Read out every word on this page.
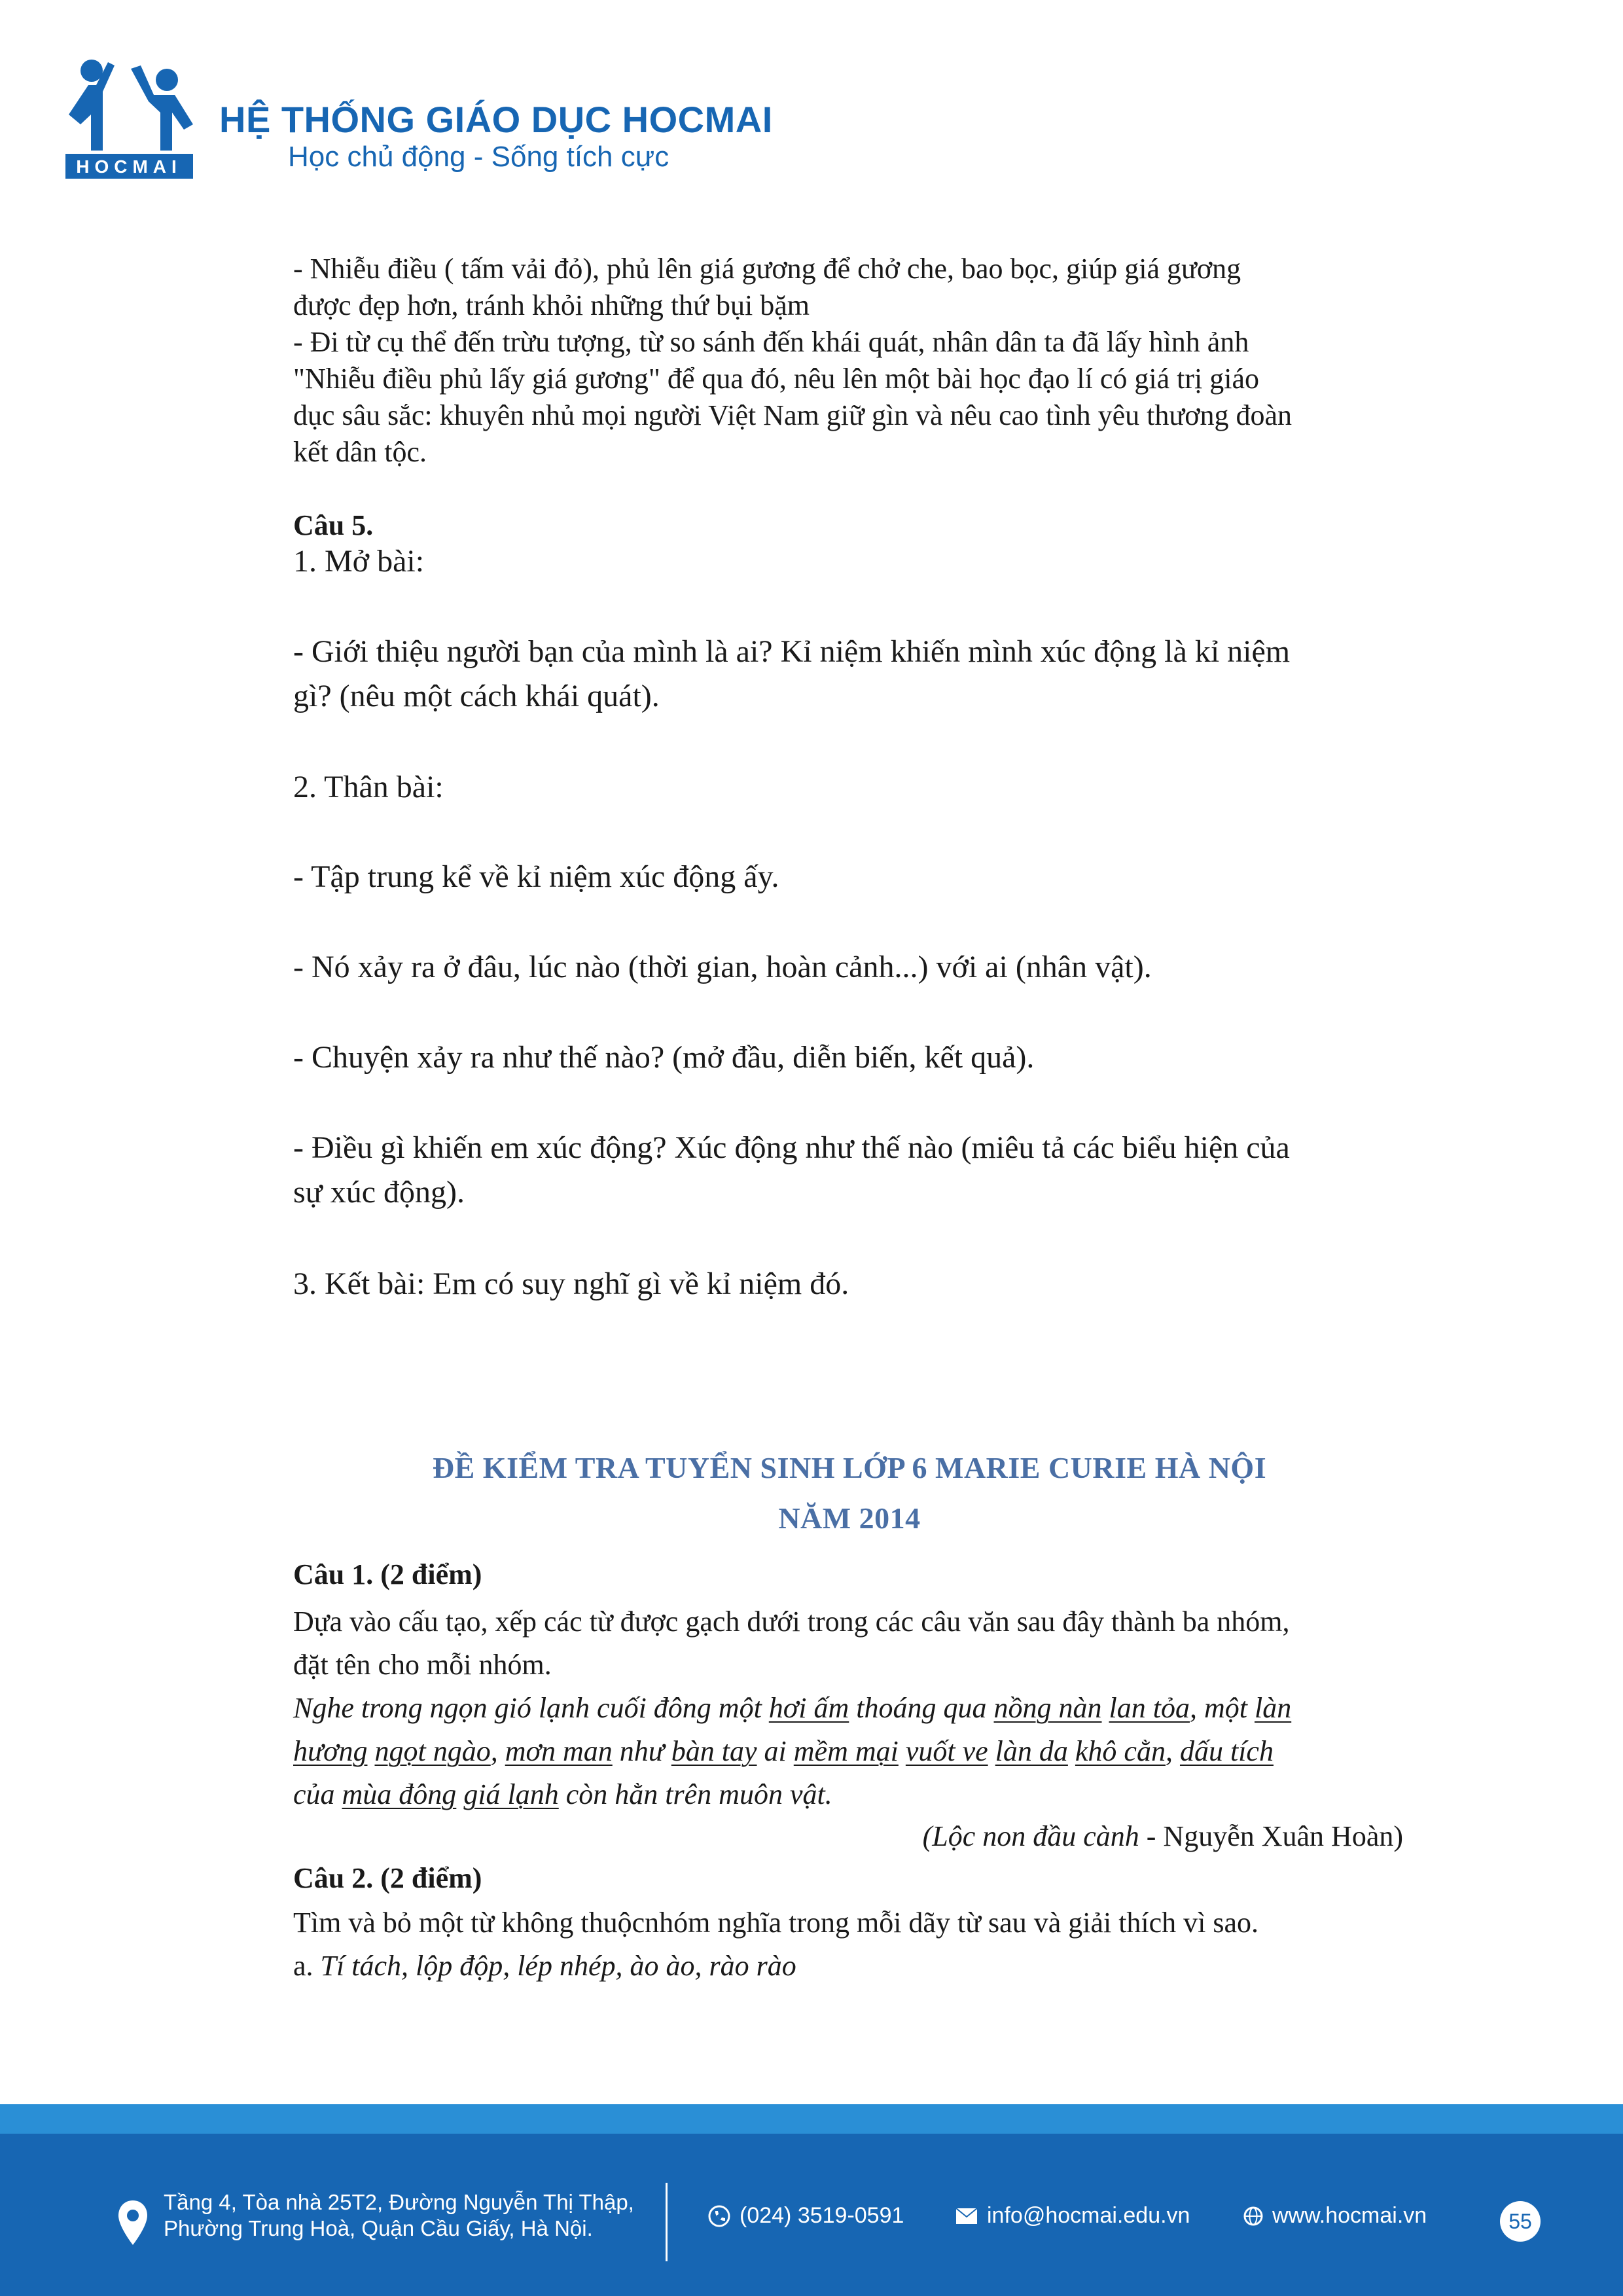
HOCMAI
HỆ THỐNG GIÁO DỤC HOCMAI
Học chủ động - Sống tích cực
- Nhiễu điều ( tấm vải đỏ), phủ lên giá gương để chở che, bao bọc, giúp giá gương
được đẹp hơn, tránh khỏi những thứ bụi bặm
- Đi từ cụ thể đến trừu tượng, từ so sánh đến khái quát, nhân dân ta đã lấy hình ảnh
"Nhiễu điều phủ lấy giá gương" để qua đó, nêu lên một bài học đạo lí có giá trị giáo
dục sâu sắc: khuyên nhủ mọi người Việt Nam giữ gìn và nêu cao tình yêu thương đoàn
kết dân tộc.
Câu 5.
1. Mở bài:
- Giới thiệu người bạn của mình là ai? Kỉ niệm khiến mình xúc động là kỉ niệm
gì? (nêu một cách khái quát).
2. Thân bài:
- Tập trung kể về kỉ niệm xúc động ấy.
- Nó xảy ra ở đâu, lúc nào (thời gian, hoàn cảnh...) với ai (nhân vật).
- Chuyện xảy ra như thế nào? (mở đầu, diễn biến, kết quả).
- Điều gì khiến em xúc động? Xúc động như thế nào (miêu tả các biểu hiện của
sự xúc động).
3. Kết bài: Em có suy nghĩ gì về kỉ niệm đó.
ĐỀ KIỂM TRA TUYỂN SINH LỚP 6 MARIE CURIE HÀ NỘI
NĂM 2014
Câu 1. (2 điểm)
Dựa vào cấu tạo, xếp các từ được gạch dưới trong các câu văn sau đây thành ba nhóm,
đặt tên cho mỗi nhóm.
Nghe trong ngọn gió lạnh cuối đông một hơi ấm thoáng qua nồng nàn lan tỏa, một làn
hương ngọt ngào, mơn man như bàn tay ai mềm mại vuốt ve làn da khô cằn, dấu tích
của mùa đông giá lạnh còn hằn trên muôn vật.
(Lộc non đầu cành - Nguyễn Xuân Hoàn)
Câu 2. (2 điểm)
Tìm và bỏ một từ không thuộcnhóm nghĩa trong mỗi dãy từ sau và giải thích vì sao.
a. Tí tách, lộp độp, lép nhép, ào ào, rào rào
Tầng 4, Tòa nhà 25T2, Đường Nguyễn Thị Thập,
Phường Trung Hoà, Quận Cầu Giấy, Hà Nội.
(024) 3519-0591	info@hocmai.edu.vn	www.hocmai.vn	55
